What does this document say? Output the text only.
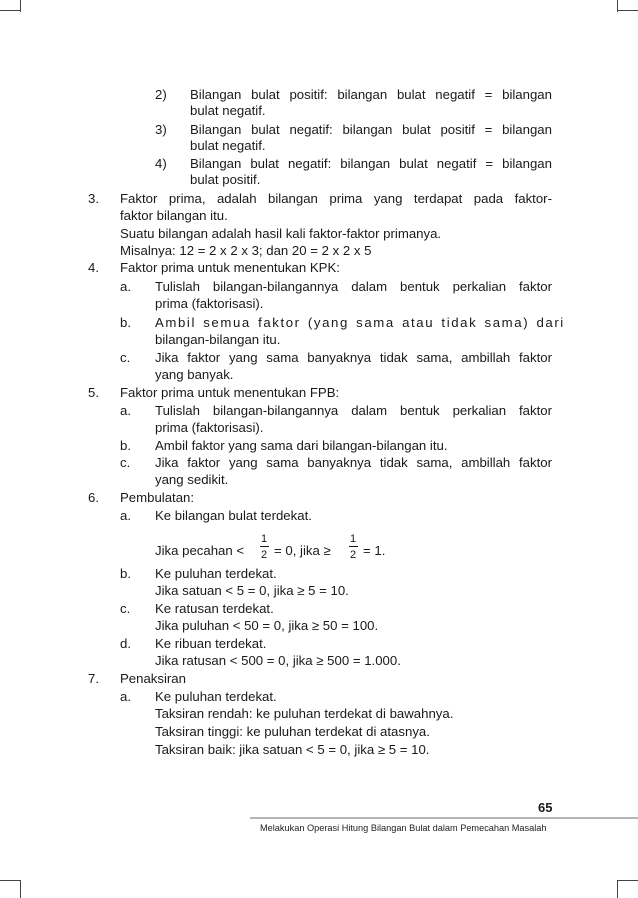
2) Bilangan bulat positif: bilangan bulat negatif = bilangan
bulat negatif.
3) Bilangan bulat negatif: bilangan bulat positif = bilangan
bulat negatif.
4) Bilangan bulat negatif: bilangan bulat negatif = bilangan
bulat positif.
3. Faktor prima, adalah bilangan prima yang terdapat pada faktor-
faktor bilangan itu.
Suatu bilangan adalah hasil kali faktor-faktor primanya.
Misalnya: 12 = 2 x 2 x 3; dan 20 = 2 x 2 x 5
4. Faktor prima untuk menentukan KPK:
a. Tulislah bilangan-bilangannya dalam bentuk perkalian faktor
prima (faktorisasi).
b. Ambil semua faktor (yang sama atau tidak sama) dari
bilangan-bilangan itu.
c. Jika faktor yang sama banyaknya tidak sama, ambillah faktor
yang banyak.
5. Faktor prima untuk menentukan FPB:
a. Tulislah bilangan-bilangannya dalam bentuk perkalian faktor
prima (faktorisasi).
b. Ambil faktor yang sama dari bilangan-bilangan itu.
c. Jika faktor yang sama banyaknya tidak sama, ambillah faktor
yang sedikit.
6. Pembulatan:
a. Ke bilangan bulat terdekat.
Jika pecahan <
1
2 = 0, jika ≥
1
2 = 1.
b. Ke puluhan terdekat.
Jika satuan < 5 = 0, jika ≥ 5 = 10.
c. Ke ratusan terdekat.
Jika puluhan < 50 = 0, jika ≥ 50 = 100.
d. Ke ribuan terdekat.
Jika ratusan < 500 = 0, jika ≥ 500 = 1.000.
7. Penaksiran
a. Ke puluhan terdekat.
Taksiran rendah: ke puluhan terdekat di bawahnya.
Taksiran tinggi: ke puluhan terdekat di atasnya.
Taksiran baik: jika satuan < 5 = 0, jika ≥ 5 = 10.
65
Melakukan Operasi Hitung Bilangan Bulat dalam Pemecahan Masalah
